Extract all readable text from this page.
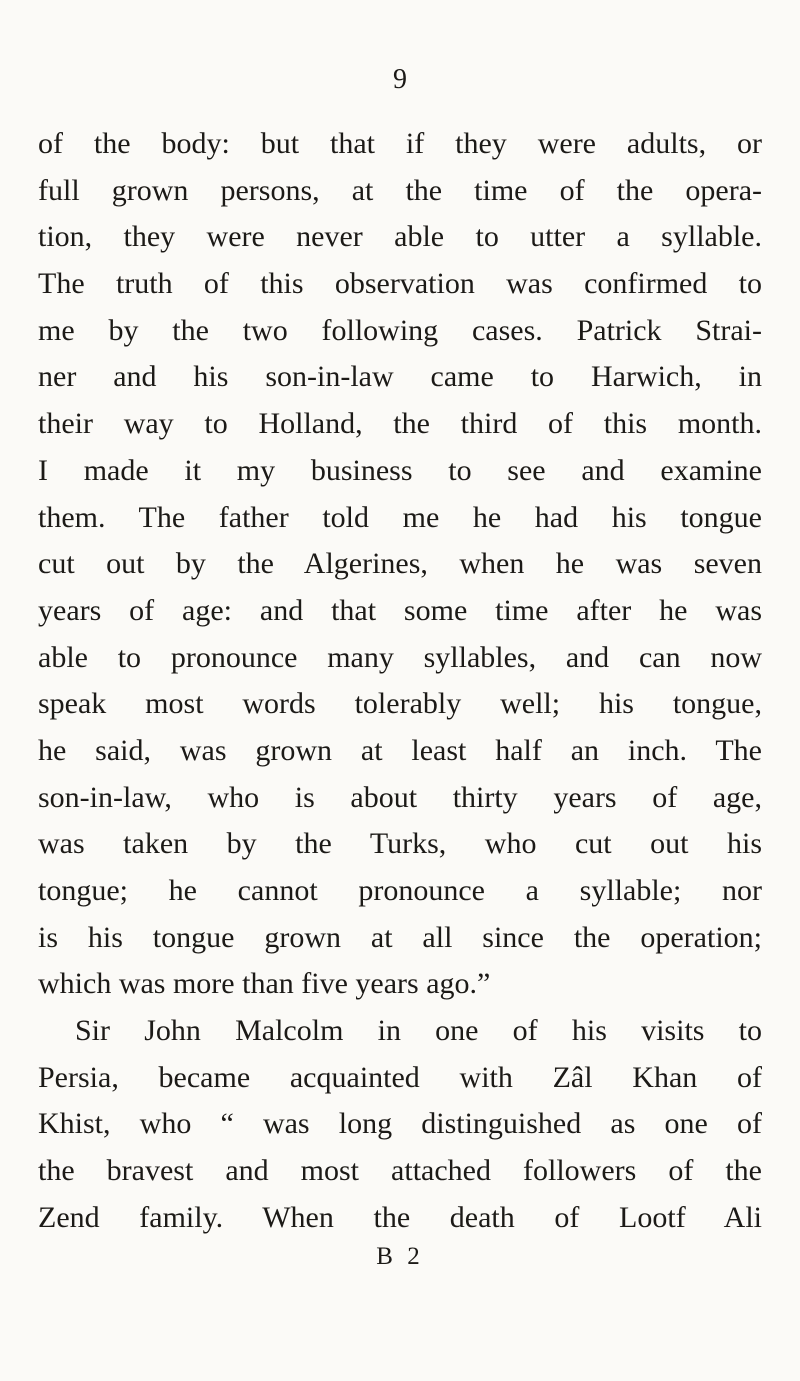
9
of the body: but that if they were adults, or
full grown persons, at the time of the opera-
tion, they were never able to utter a syllable.
The truth of this observation was confirmed to
me by the two following cases. Patrick Strai-
ner and his son-in-law came to Harwich, in
their way to Holland, the third of this month.
I made it my business to see and examine
them. The father told me he had his tongue
cut out by the Algerines, when he was seven
years of age: and that some time after he was
able to pronounce many syllables, and can now
speak most words tolerably well; his tongue,
he said, was grown at least half an inch. The
son-in-law, who is about thirty years of age,
was taken by the Turks, who cut out his
tongue; he cannot pronounce a syllable; nor
is his tongue grown at all since the operation;
which was more than five years ago.”
Sir John Malcolm in one of his visits to
Persia, became acquainted with Zâl Khan of
Khist, who “ was long distinguished as one of
the bravest and most attached followers of the
Zend family. When the death of Lootf Ali
B 2
